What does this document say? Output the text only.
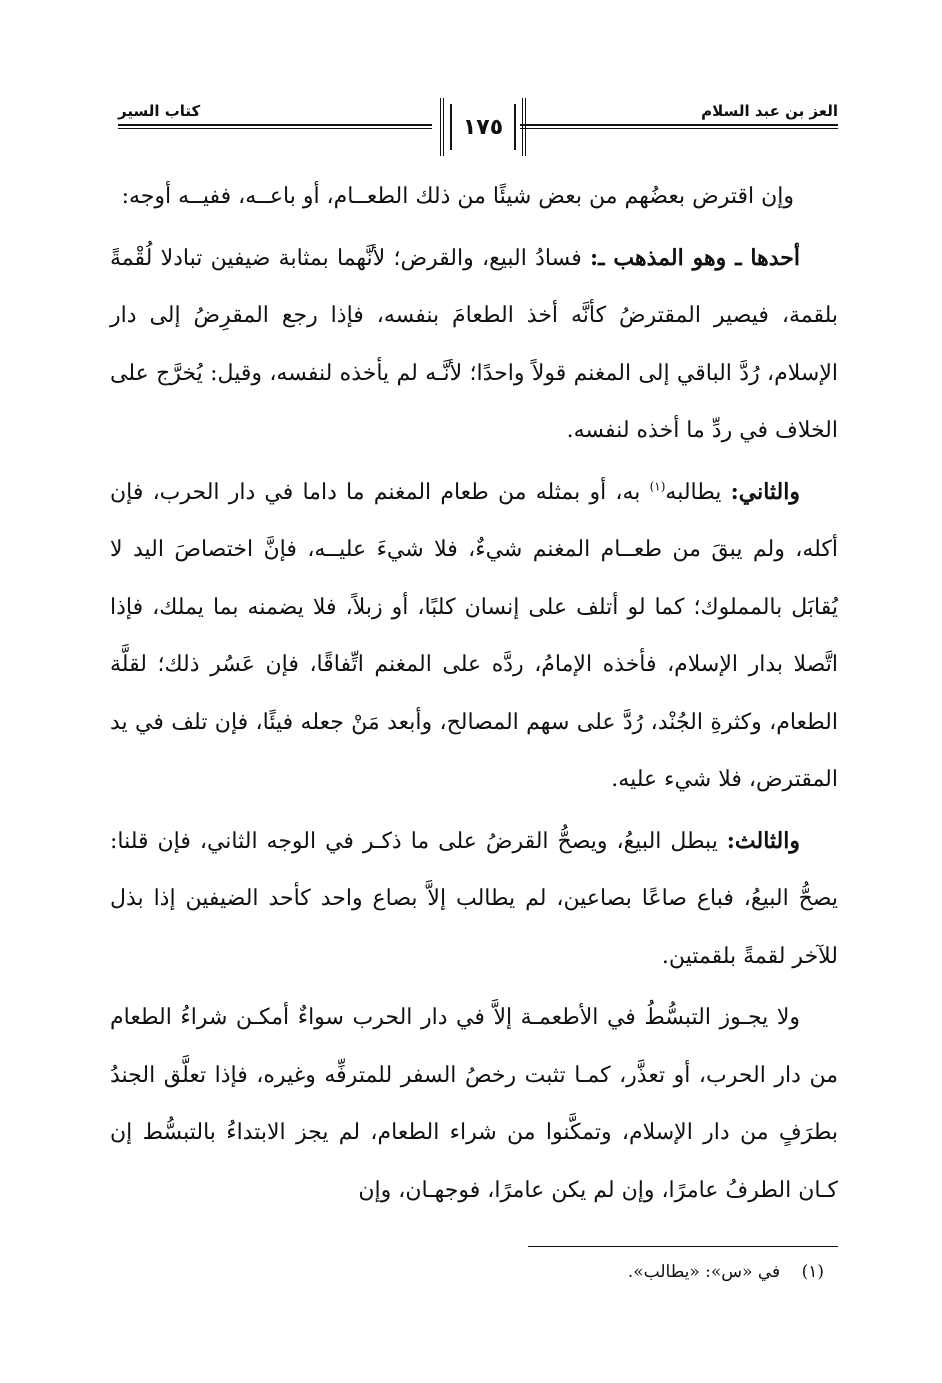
العز بن عبد السلام
١٧٥
كتاب السير

وإن اقترض بعضُهم من بعض شيئًا من ذلك الطعــام، أو باعــه، ففيــه أوجه:

أحدها ـ وهو المذهب ـ: فسادُ البيع، والقرض؛ لأنَّهما بمثابة ضيفين تبادلا لُقْمةً بلقمة، فيصير المقترضُ كأنَّه أخذ الطعامَ بنفسه، فإذا رجع المقرِضُ إلى دار الإسلام، رُدَّ الباقي إلى المغنم قولاً واحدًا؛ لأنَّـه لم يأخذه لنفسه، وقيل: يُخرَّج على الخلاف في ردِّ ما أخذه لنفسه.

والثاني: يطالبه$^{(١)}$ به، أو بمثله من طعام المغنم ما داما في دار الحرب، فإن أكله، ولم يبقَ من طعــام المغنم شيءٌ، فلا شيءَ عليــه، فإنَّ اختصاصَ اليد لا يُقابَل بالمملوك؛ كما لو أتلف على إنسان كلبًا، أو زبلاً، فلا يضمنه بما يملك، فإذا اتَّصلا بدار الإسلام، فأخذه الإمامُ، ردَّه على المغنم اتِّفاقًا، فإن عَسُر ذلك؛ لقلَّة الطعام، وكثرةِ الجُنْد، رُدَّ على سهم المصالح، وأبعد مَنْ جعله فيئًا، فإن تلف في يد المقترض، فلا شيء عليه.

والثالث: يبطل البيعُ، ويصحُّ القرضُ على ما ذكـر في الوجه الثاني، فإن قلنا: يصحُّ البيعُ، فباع صاعًا بصاعين، لم يطالب إلاَّ بصاع واحد كأحد الضيفين إذا بذل للآخر لقمةً بلقمتين.

ولا يجـوز التبسُّطُ في الأطعمـة إلاَّ في دار الحرب سواءٌ أمكـن شراءُ الطعام من دار الحرب، أو تعذَّر، كمـا تثبت رخصُ السفر للمترفِّه وغيره، فإذا تعلَّق الجندُ بطرَفٍ من دار الإسلام، وتمكَّنوا من شراء الطعام، لم يجز الابتداءُ بالتبسُّط إن كـان الطرفُ عامرًا، وإن لم يكن عامرًا، فوجهـان، وإن

(١) في «س»: «يطالب».
